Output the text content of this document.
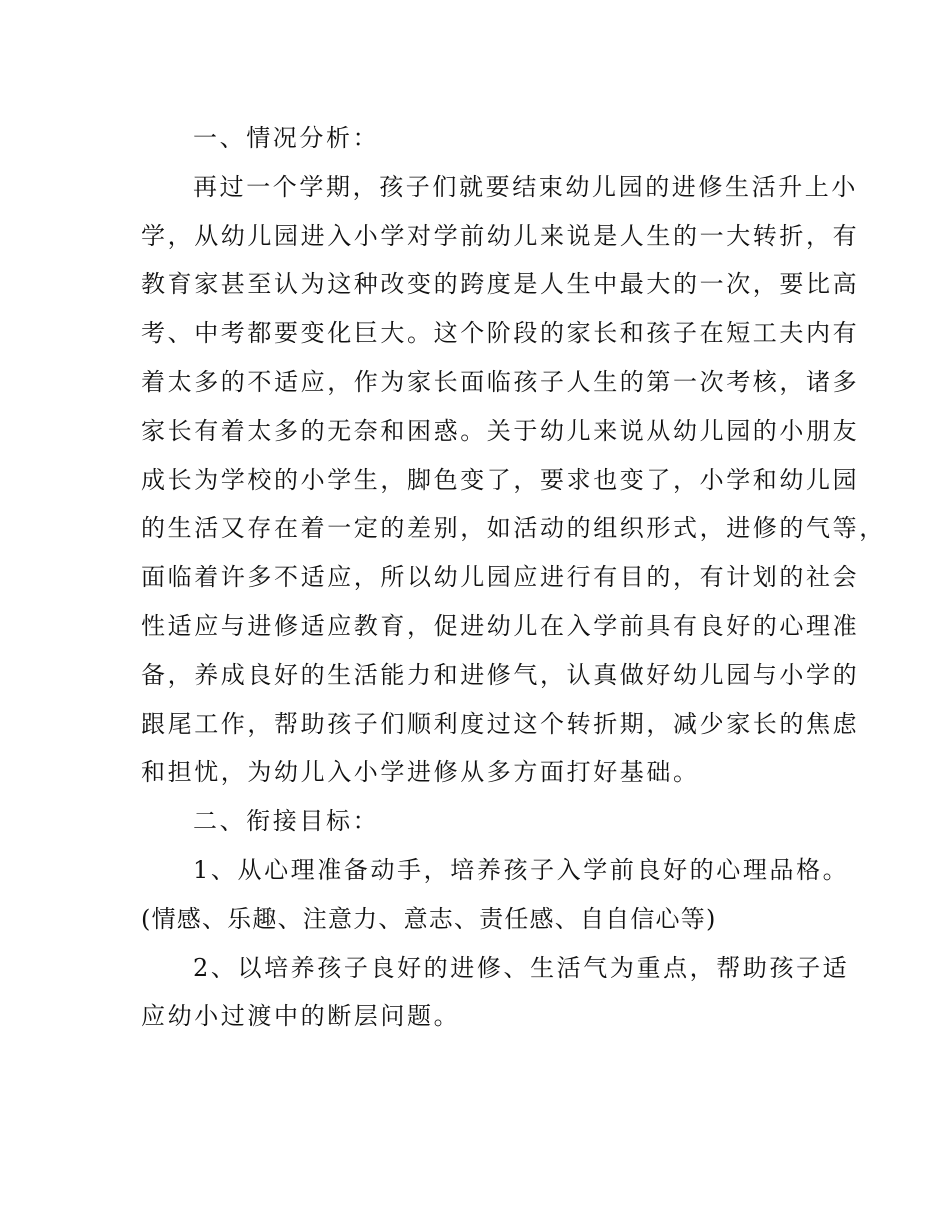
一、情况分析：

再过一个学期，孩子们就要结束幼儿园的进修生活升上小

学，从幼儿园进入小学对学前幼儿来说是人生的一大转折，有

教育家甚至认为这种改变的跨度是人生中最大的一次，要比高

考、中考都要变化巨大。这个阶段的家长和孩子在短工夫内有

着太多的不适应，作为家长面临孩子人生的第一次考核，诸多

家长有着太多的无奈和困惑。关于幼儿来说从幼儿园的小朋友

成长为学校的小学生，脚色变了，要求也变了，小学和幼儿园

的生活又存在着一定的差别，如活动的组织形式，进修的气等，

面临着许多不适应，所以幼儿园应进行有目的，有计划的社会

性适应与进修适应教育，促进幼儿在入学前具有良好的心理准

备，养成良好的生活能力和进修气，认真做好幼儿园与小学的

跟尾工作，帮助孩子们顺利度过这个转折期，减少家长的焦虑

和担忧，为幼儿入小学进修从多方面打好基础。

二、衔接目标：

1、从心理准备动手，培养孩子入学前良好的心理品格。

(情感、乐趣、注意力、意志、责任感、自自信心等)

2、以培养孩子良好的进修、生活气为重点，帮助孩子适

应幼小过渡中的断层问题。
